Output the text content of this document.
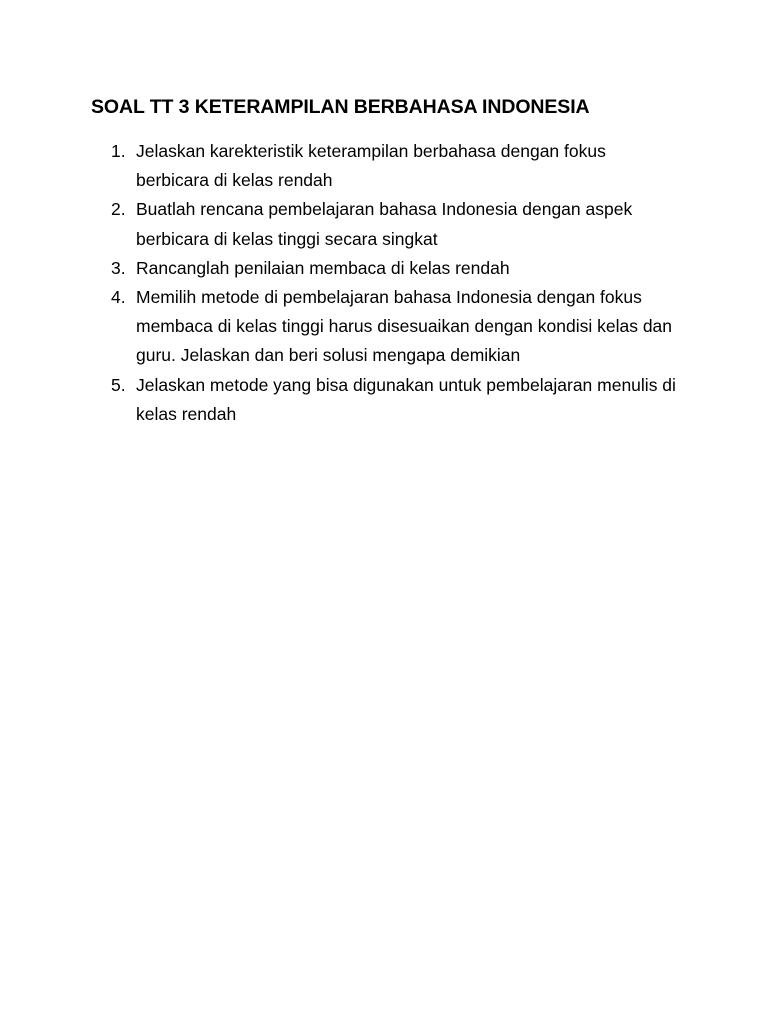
SOAL TT 3 KETERAMPILAN BERBAHASA INDONESIA
1. Jelaskan karekteristik keterampilan berbahasa dengan fokus berbicara di kelas rendah
2. Buatlah rencana pembelajaran bahasa Indonesia dengan aspek berbicara di kelas tinggi secara singkat
3. Rancanglah penilaian membaca di kelas rendah
4. Memilih metode di pembelajaran bahasa Indonesia dengan fokus membaca di kelas tinggi harus disesuaikan dengan kondisi kelas dan guru. Jelaskan dan beri solusi mengapa demikian
5. Jelaskan metode yang bisa digunakan untuk pembelajaran menulis di kelas rendah
